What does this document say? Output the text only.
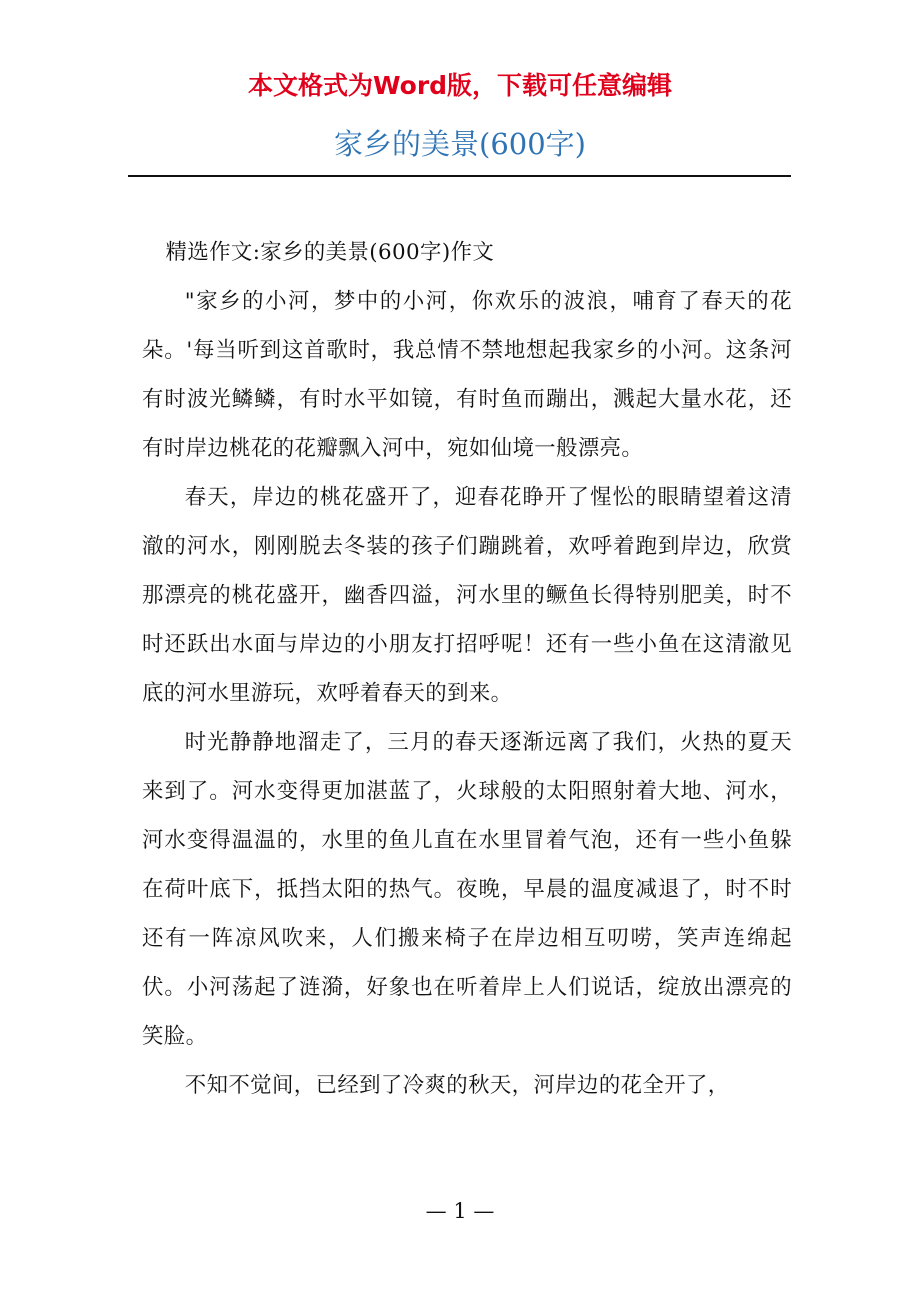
本文格式为Word版，下载可任意编辑
家乡的美景(600字)

精选作文:家乡的美景(600字)作文

"家乡的小河，梦中的小河，你欢乐的波浪，哺育了春天的花朵。'每当听到这首歌时，我总情不禁地想起我家乡的小河。这条河有时波光鳞鳞，有时水平如镜，有时鱼而蹦出，溅起大量水花，还有时岸边桃花的花瓣飘入河中，宛如仙境一般漂亮。

春天，岸边的桃花盛开了，迎春花睁开了惺忪的眼睛望着这清澈的河水，刚刚脱去冬装的孩子们蹦跳着，欢呼着跑到岸边，欣赏那漂亮的桃花盛开，幽香四溢，河水里的鳜鱼长得特别肥美，时不时还跃出水面与岸边的小朋友打招呼呢！还有一些小鱼在这清澈见底的河水里游玩，欢呼着春天的到来。

时光静静地溜走了，三月的春天逐渐远离了我们，火热的夏天来到了。河水变得更加湛蓝了，火球般的太阳照射着大地、河水，河水变得温温的，水里的鱼儿直在水里冒着气泡，还有一些小鱼躲在荷叶底下，抵挡太阳的热气。夜晚，早晨的温度减退了，时不时还有一阵凉风吹来，人们搬来椅子在岸边相互叨唠，笑声连绵起伏。小河荡起了涟漪，好象也在听着岸上人们说话，绽放出漂亮的笑脸。

不知不觉间，已经到了冷爽的秋天，河岸边的花全开了，

— 1 —
